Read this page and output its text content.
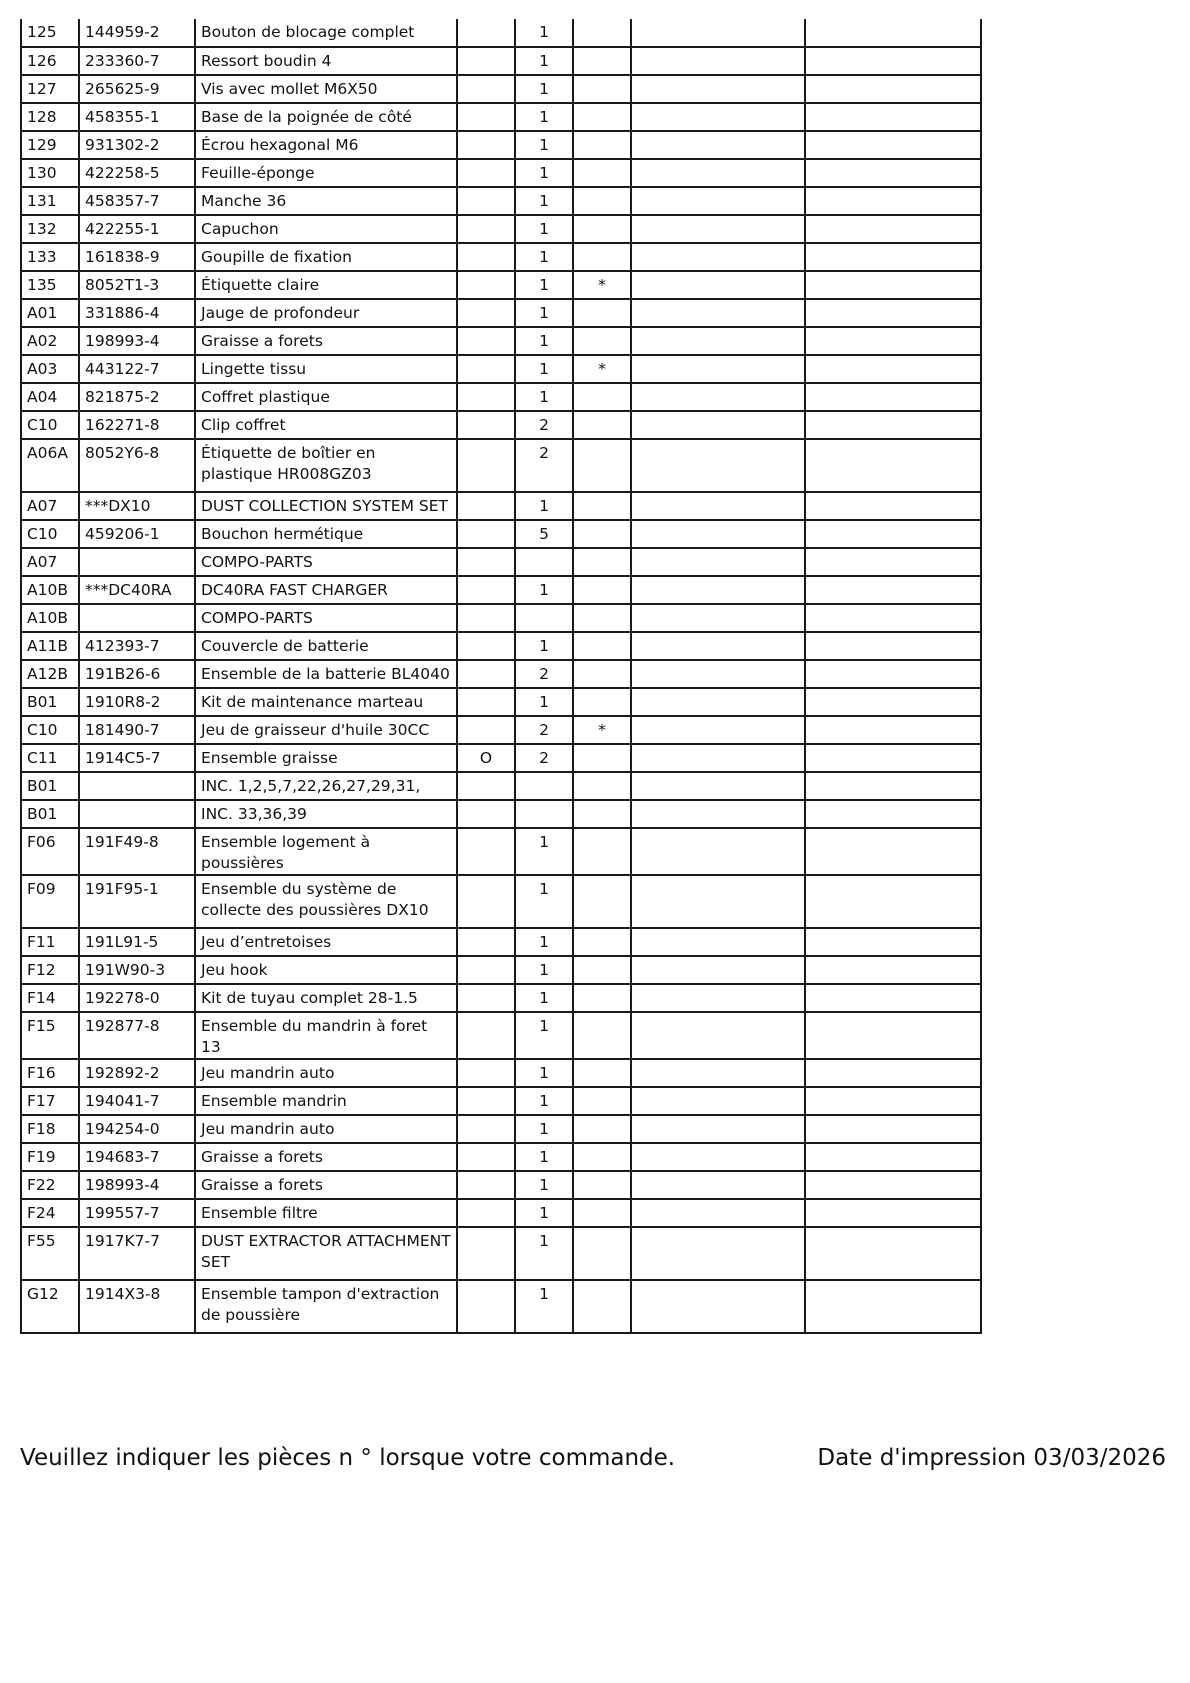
125	144959-2	Bouton de blocage complet		1			
126	233360-7	Ressort boudin 4		1			
127	265625-9	Vis avec mollet M6X50		1			
128	458355-1	Base de la poignée de côté		1			
129	931302-2	Écrou hexagonal M6		1			
130	422258-5	Feuille-éponge		1			
131	458357-7	Manche 36		1			
132	422255-1	Capuchon		1			
133	161838-9	Goupille de fixation		1			
135	8052T1-3	Étiquette claire		1	*		
A01	331886-4	Jauge de profondeur		1			
A02	198993-4	Graisse a forets		1			
A03	443122-7	Lingette tissu		1	*		
A04	821875-2	Coffret plastique		1			
C10	162271-8	Clip coffret		2			
A06A	8052Y6-8	Étiquette de boîtier en plastique HR008GZ03		2			
A07	***DX10	DUST COLLECTION SYSTEM SET		1			
C10	459206-1	Bouchon hermétique		5			
A07		COMPO-PARTS					
A10B	***DC40RA	DC40RA FAST CHARGER		1			
A10B		COMPO-PARTS					
A11B	412393-7	Couvercle de batterie		1			
A12B	191B26-6	Ensemble de la batterie BL4040		2			
B01	1910R8-2	Kit de maintenance marteau		1			
C10	181490-7	Jeu de graisseur d'huile 30CC		2	*		
C11	1914C5-7	Ensemble graisse	O	2			
B01		INC. 1,2,5,7,22,26,27,29,31,					
B01		INC. 33,36,39					
F06	191F49-8	Ensemble logement à poussières		1			
F09	191F95-1	Ensemble du système de collecte des poussières DX10		1			
F11	191L91-5	Jeu d’entretoises		1			
F12	191W90-3	Jeu hook		1			
F14	192278-0	Kit de tuyau complet 28-1.5		1			
F15	192877-8	Ensemble du mandrin à foret 13		1			
F16	192892-2	Jeu mandrin auto		1			
F17	194041-7	Ensemble mandrin		1			
F18	194254-0	Jeu mandrin auto		1			
F19	194683-7	Graisse a forets		1			
F22	198993-4	Graisse a forets		1			
F24	199557-7	Ensemble filtre		1			
F55	1917K7-7	DUST EXTRACTOR ATTACHMENT SET		1			
G12	1914X3-8	Ensemble tampon d'extraction de poussière		1			
Veuillez indiquer les pièces n ° lorsque votre commande.	Date d'impression 03/03/2026
